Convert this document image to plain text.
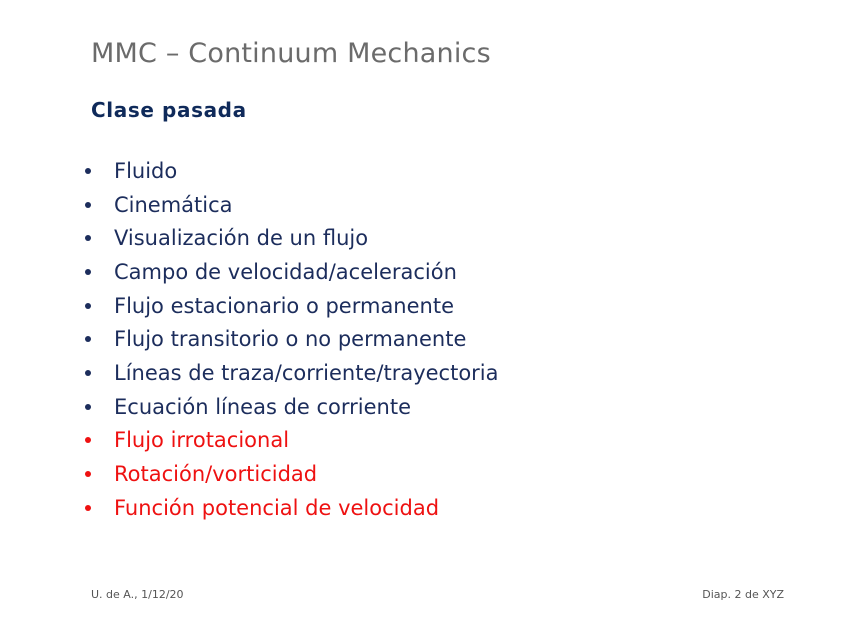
MMC – Continuum Mechanics
Clase pasada
Fluido
Cinemática
Visualización de un flujo
Campo de velocidad/aceleración
Flujo estacionario o permanente
Flujo transitorio o no permanente
Líneas de traza/corriente/trayectoria
Ecuación líneas de corriente
Flujo irrotacional
Rotación/vorticidad
Función potencial de velocidad
U. de A., 1/12/20	Diap. 2 de XYZ
